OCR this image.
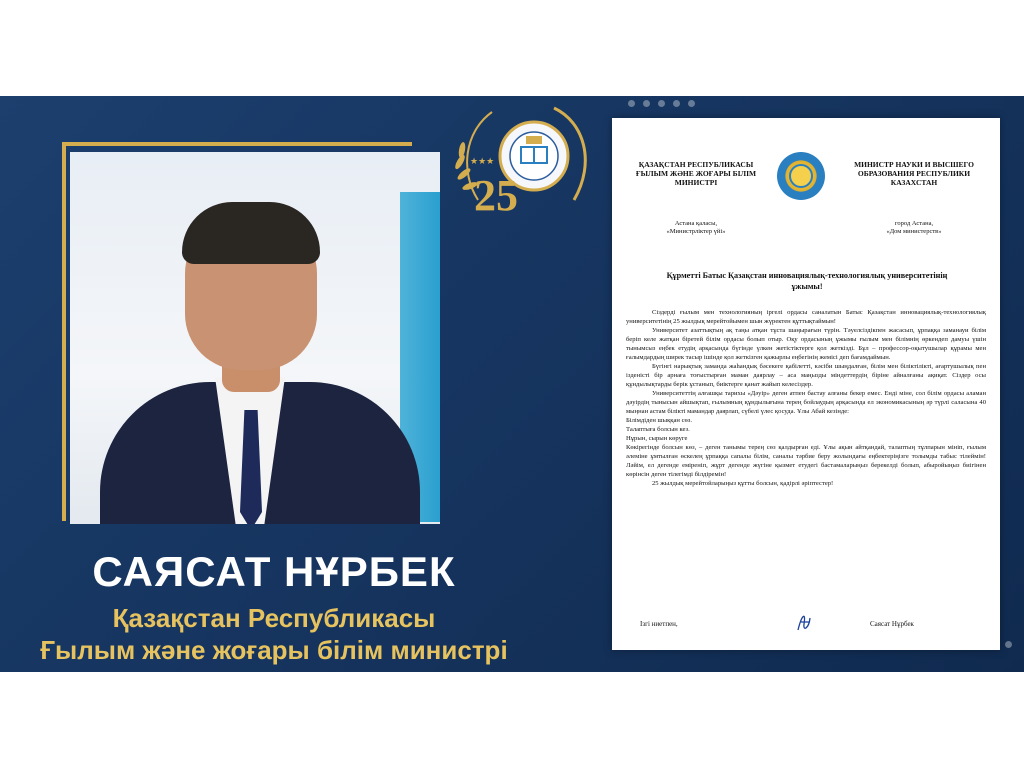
25
★★★
САЯСАТ НҰРБЕК
Қазақстан Республикасы
Ғылым және жоғары білім министрі
ҚАЗАҚСТАН РЕСПУБЛИКАСЫ ҒЫЛЫМ ЖӘНЕ ЖОҒАРЫ БІЛІМ МИНИСТРІ
МИНИСТР НАУКИ И ВЫСШЕГО ОБРАЗОВАНИЯ РЕСПУБЛИКИ КАЗАХСТАН
Астана қаласы,
«Министрліктер үйі»
город Астана,
«Дом министерств»
Құрметті Батыс Қазақстан инновациялық-технологиялық университетінің ұжымы!

Сіздерді ғылым мен технологияның іргелі ордасы саналатын Батыс Қазақстан инновациялық-технологиялық университетінің 25 жылдық мерейтойымен шын жүректен құттықтаймын!

Университет азаттықтың ақ таңы атқан тұста шаңырағын түрін. Тәуелсіздікпен жасасып, ұрпаққа заманауи білім беріп келе жатқан біретей білім ордасы болып отыр. Оқу ордасының ұжымы ғылым мен білімнің өркендеп дамуы үшін тынымсыз еңбек етудің арқасында бүгінде үлкен жетістіктерге қол жеткізді. Бұл – профессор-оқытушылар құрамы мен ғалымдардың ширек тасыр ішінде қол жеткізген қажырлы еңбегінің жемісі деп бағамдаймын.

Бүгінгі нарықтық заманда жаһандық бәсекеге қабілетті, кәсіби шыңдалған, білім мен біліктілікті, ағартушылық пен ізденісті бір арнаға тоғыстырған маман даярлау – аса маңызды міндеттердің біріне айналғаны ақиқат. Сіздер осы құндылықтарды берік ұстанып, биіктерге қанат жайып келесіздер.

Университеттің алғашқы тарихы «Дәуір» деген атпен бастау алғаны бекер емес. Енді міне, сол білім ордасы аламан дәуірдің тынысын айшықтап, ғылымның құндылығына терең бойлаудың арқасында ел экономикасының әр түрлі саласына 40 мыңнан астам білікті мамандар даярлап, сүбелі үлес қосуда. Ұлы Абай кезінде:

Білімдіден шыққан сөз.

Талаптыға болсын кез.

Нұрын, сырын көруге

Көкірегінде болсын көз, – деген танымы терең сөз қалдырған еді. Ұлы ақын айтқандай, талаптың тұлпарын мініп, ғылым әлеміне ұмтылған өскелең ұрпаққа сапалы білім, саналы тәрбие беру жолындағы еңбектеріңізге толымды табыс тілеймін! Ләйім, ел дегенде еміреніп, жұрт дегенде жүгіне қызмет етудегі бастамаларыңыз берекелді болып, абыройыңыз биігінен көрінсін деген тілегімді білдіремін!

25 жылдық мерейтойларыңыз құтты болсын, қадірлі әріптестер!

Ізгі ниетпен,	Саясат Нұрбек
